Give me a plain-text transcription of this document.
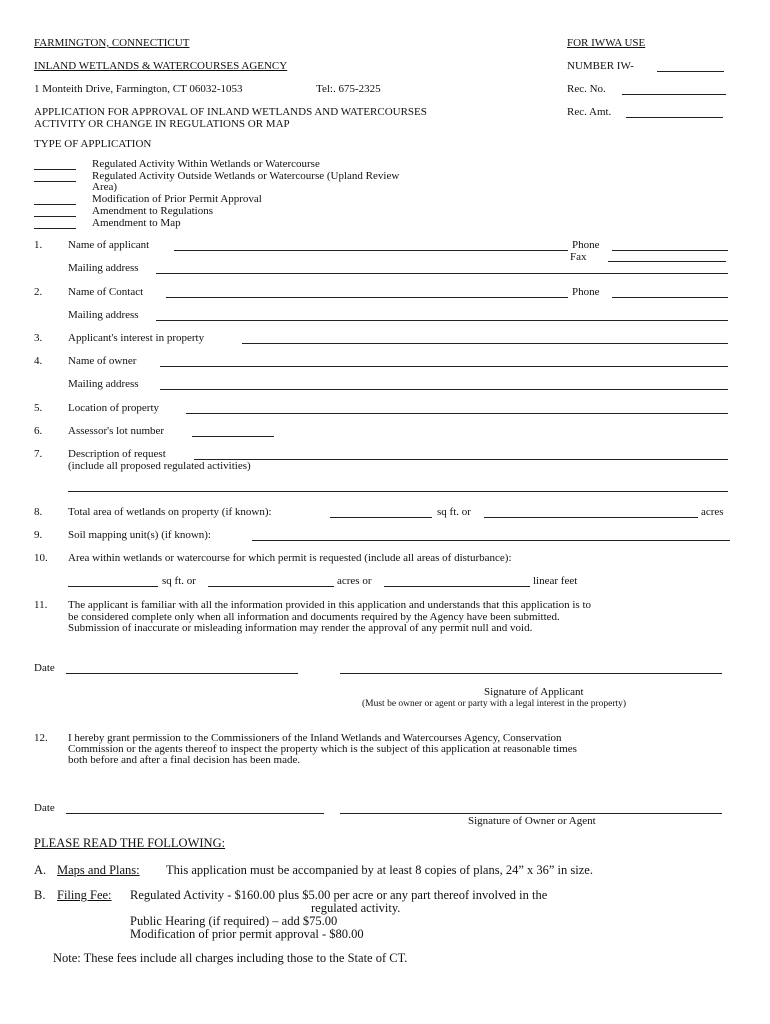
FARMINGTON, CONNECTICUT
INLAND WETLANDS & WATERCOURSES AGENCY
1 Monteith Drive, Farmington, CT 06032-1053	Tel:. 675-2325
APPLICATION FOR APPROVAL OF INLAND WETLANDS AND WATERCOURSES
ACTIVITY OR CHANGE IN REGULATIONS OR MAP
FOR IWWA USE
NUMBER IW-
Rec. No.
Rec. Amt.
TYPE OF APPLICATION
Regulated Activity Within Wetlands or Watercourse
Regulated Activity Outside Wetlands or Watercourse (Upland Review
Area)
Modification of Prior Permit Approval
Amendment to Regulations
Amendment to Map
1. Name of applicant	Phone
Fax
Mailing address
2. Name of Contact	Phone
Mailing address
3. Applicant's interest in property
4. Name of owner
Mailing address
5. Location of property
6. Assessor's lot number
7. Description of request
(include all proposed regulated activities)
8. Total area of wetlands on property (if known):	sq ft. or	acres
9. Soil mapping unit(s) (if known):
10. Area within wetlands or watercourse for which permit is requested (include all areas of disturbance):
sq ft. or	acres or	linear feet
11. The applicant is familiar with all the information provided in this application and understands that this application is to
be considered complete only when all information and documents required by the Agency have been submitted.
Submission of inaccurate or misleading information may render the approval of any permit null and void.
Date
Signature of Applicant
(Must be owner or agent or party with a legal interest in the property)
12. I hereby grant permission to the Commissioners of the Inland Wetlands and Watercourses Agency, Conservation
Commission or the agents thereof to inspect the property which is the subject of this application at reasonable times
both before and after a final decision has been made.
Date
Signature of Owner or Agent
PLEASE READ THE FOLLOWING:
A. Maps and Plans: This application must be accompanied by at least 8 copies of plans, 24” x 36” in size.
B. Filing Fee: Regulated Activity - $160.00 plus $5.00 per acre or any part thereof involved in the
regulated activity.
Public Hearing (if required) – add $75.00
Modification of prior permit approval - $80.00
Note: These fees include all charges including those to the State of CT.
